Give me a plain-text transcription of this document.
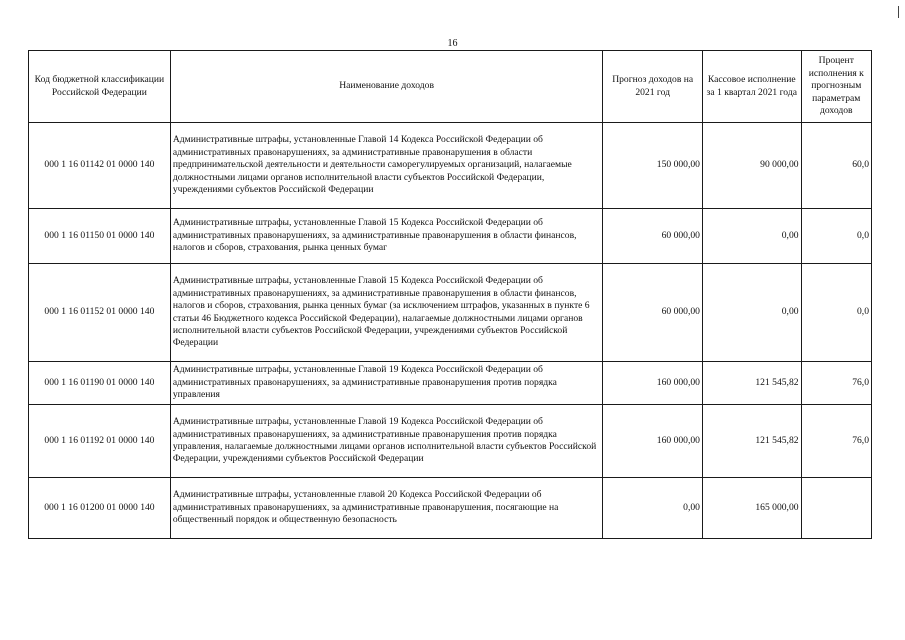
16
Код бюджетной классификации Российской Федерации	Наименование доходов	Прогноз доходов на 2021 год	Кассовое исполнение за 1 квартал 2021 года	Процент исполнения к прогнозным параметрам доходов
000 1 16 01142 01 0000 140	Административные штрафы, установленные Главой 14 Кодекса Российской Федерации об административных правонарушениях, за административные правонарушения в области предпринимательской деятельности и деятельности саморегулируемых организаций, налагаемые должностными лицами органов исполнительной власти субъектов Российской Федерации, учреждениями субъектов Российской Федерации	150 000,00	90 000,00	60,0
000 1 16 01150 01 0000 140	Административные штрафы, установленные Главой 15 Кодекса Российской Федерации об административных правонарушениях, за административные правонарушения в области финансов, налогов и сборов, страхования, рынка ценных бумаг	60 000,00	0,00	0,0
000 1 16 01152 01 0000 140	Административные штрафы, установленные Главой 15 Кодекса Российской Федерации об административных правонарушениях, за административные правонарушения в области финансов, налогов и сборов, страхования, рынка ценных бумаг (за исключением штрафов, указанных в пункте 6 статьи 46 Бюджетного кодекса Российской Федерации), налагаемые должностными лицами органов исполнительной власти субъектов Российской Федерации, учреждениями субъектов Российской Федерации	60 000,00	0,00	0,0
000 1 16 01190 01 0000 140	Административные штрафы, установленные Главой 19 Кодекса Российской Федерации об административных правонарушениях, за административные правонарушения против порядка управления	160 000,00	121 545,82	76,0
000 1 16 01192 01 0000 140	Административные штрафы, установленные Главой 19 Кодекса Российской Федерации об административных правонарушениях, за административные правонарушения против порядка управления, налагаемые должностными лицами органов исполнительной власти субъектов Российской Федерации, учреждениями субъектов Российской Федерации	160 000,00	121 545,82	76,0
000 1 16 01200 01 0000 140	Административные штрафы, установленные главой 20 Кодекса Российской Федерации об административных правонарушениях, за административные правонарушения, посягающие на общественный порядок и общественную безопасность	0,00	165 000,00	
